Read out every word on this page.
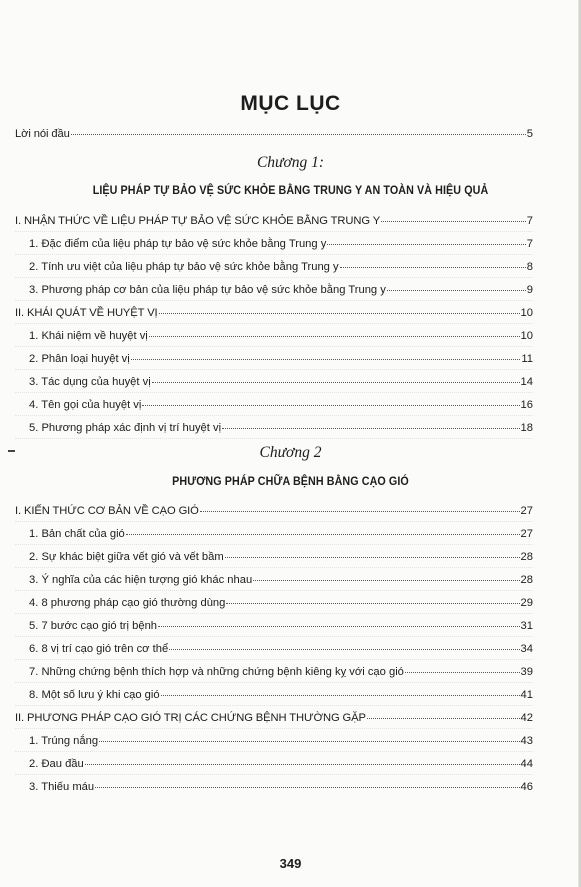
MỤC LỤC
Lời nói đầu	5
Chương 1:
LIỆU PHÁP TỰ BẢO VỆ SỨC KHỎE BẰNG TRUNG Y AN TOÀN VÀ HIỆU QUẢ
I. NHẬN THỨC VỀ LIỆU PHÁP TỰ BẢO VỆ SỨC KHỎE BẰNG TRUNG Y	7
1. Đặc điểm của liệu pháp tự bảo vệ sức khỏe bằng Trung y	7
2. Tính ưu việt của liệu pháp tự bảo vệ sức khỏe bằng Trung y	8
3. Phương pháp cơ bản của liệu pháp tự bảo vệ sức khỏe bằng Trung y	9
II. KHÁI QUÁT VỀ HUYỆT VỊ	10
1. Khái niệm về huyệt vị	10
2. Phân loại huyệt vị	11
3. Tác dụng của huyệt vị	14
4. Tên gọi của huyệt vị	16
5. Phương pháp xác định vị trí huyệt vị	18
Chương 2
PHƯƠNG PHÁP CHỮA BỆNH BẰNG CẠO GIÓ
I. KIẾN THỨC CƠ BẢN VỀ CẠO GIÓ	27
1. Bản chất của gió	27
2. Sự khác biệt giữa vết gió và vết bầm	28
3. Ý nghĩa của các hiện tượng gió khác nhau	28
4. 8 phương pháp cạo gió thường dùng	29
5. 7 bước cạo gió trị bệnh	31
6. 8 vị trí cạo gió trên cơ thể	34
7. Những chứng bệnh thích hợp và những chứng bệnh kiêng kỵ với cạo gió	39
8. Một số lưu ý khi cạo gió	41
II. PHƯƠNG PHÁP CẠO GIÓ TRỊ CÁC CHỨNG BỆNH THƯỜNG GẶP	42
1. Trúng nắng	43
2. Đau đầu	44
3. Thiếu máu	46
349
